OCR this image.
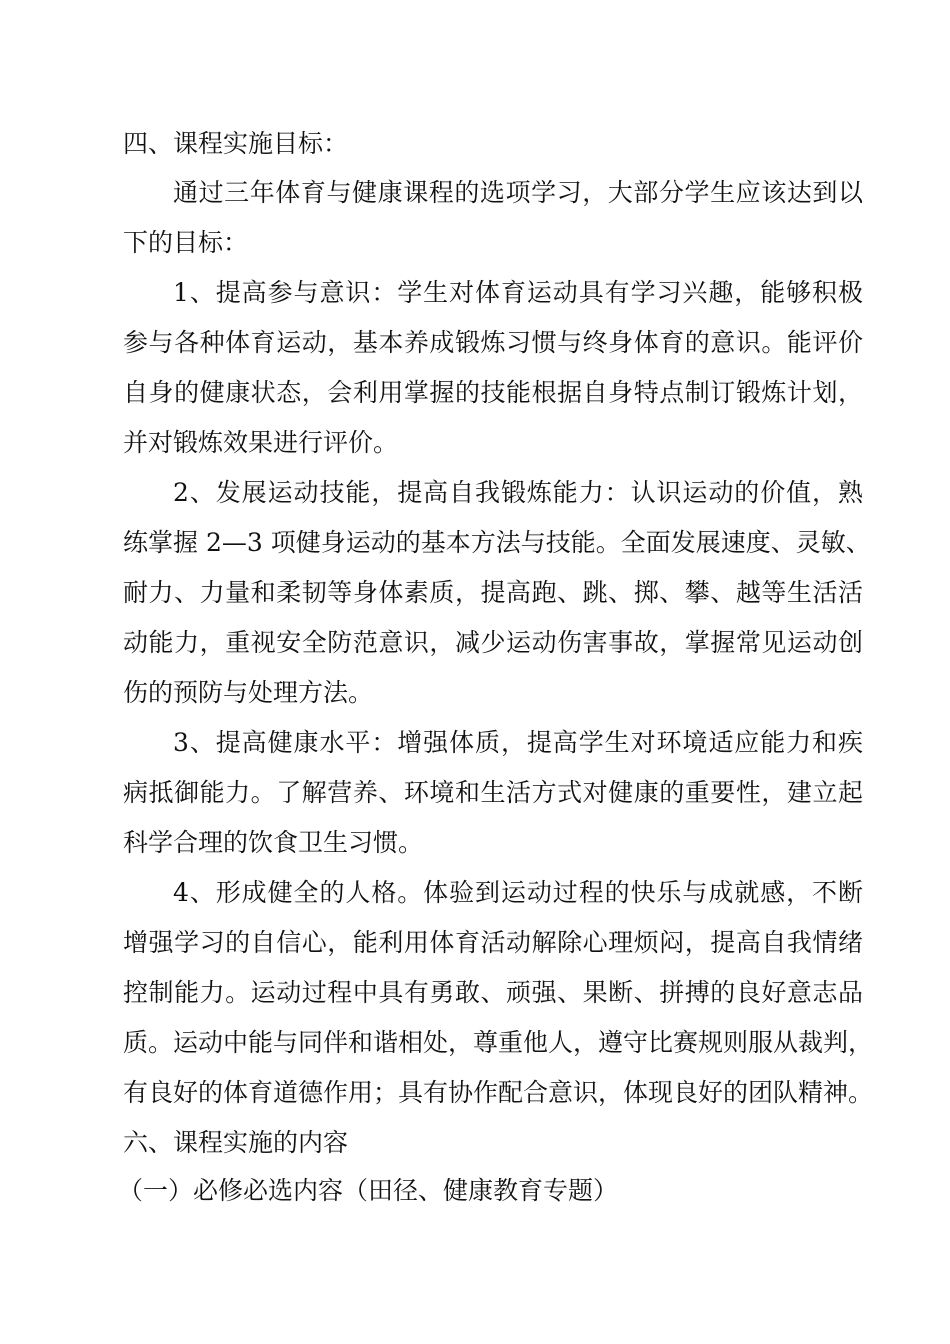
四、课程实施目标：
通过三年体育与健康课程的选项学习，大部分学生应该达到以
下的目标：
1、提高参与意识：学生对体育运动具有学习兴趣，能够积极
参与各种体育运动，基本养成锻炼习惯与终身体育的意识。能评价
自身的健康状态，会利用掌握的技能根据自身特点制订锻炼计划，
并对锻炼效果进行评价。
2、发展运动技能，提高自我锻炼能力：认识运动的价值，熟
练掌握 2—3 项健身运动的基本方法与技能。全面发展速度、灵敏、
耐力、力量和柔韧等身体素质，提高跑、跳、掷、攀、越等生活活
动能力，重视安全防范意识，减少运动伤害事故，掌握常见运动创
伤的预防与处理方法。
3、提高健康水平：增强体质，提高学生对环境适应能力和疾
病抵御能力。了解营养、环境和生活方式对健康的重要性，建立起
科学合理的饮食卫生习惯。
4、形成健全的人格。体验到运动过程的快乐与成就感，不断
增强学习的自信心，能利用体育活动解除心理烦闷，提高自我情绪
控制能力。运动过程中具有勇敢、顽强、果断、拼搏的良好意志品
质。运动中能与同伴和谐相处，尊重他人，遵守比赛规则服从裁判，
有良好的体育道德作用；具有协作配合意识，体现良好的团队精神。
六、课程实施的内容
（一）必修必选内容（田径、健康教育专题）
